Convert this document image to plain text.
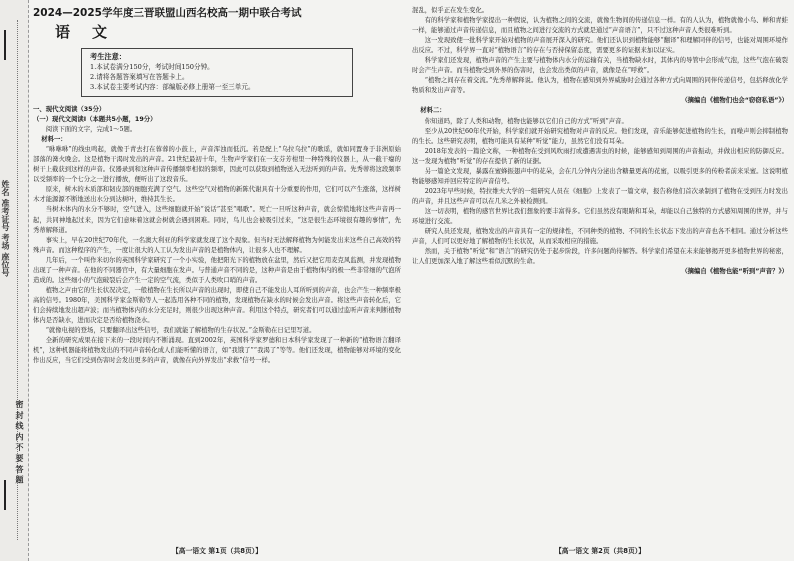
姓名 准考证号 考场 座位号
密 封 线 内 不 要 答 题

2024—2025学年度三晋联盟山西名校高一期中联合考试

语文

考生注意：

1.本试卷满分150分，考试时间150分钟。

2.请将各题答案填写在答题卡上。

3.本试卷主要考试内容：部编版必修上册第一至三单元。

一、现代文阅读（35分）

（一）现代文阅读Ⅰ（本题共5小题，19分）

阅读下面的文字，完成1～5题。

材料一：

“咻咻咻”的线虫鸣起，就像于青去打在蓉蓉的小鼓上，声音浑浊而低沉。若是配上“乌拉乌拉”的歌谣，就如同置身于非洲原始部落的篝火晚会。这是植物干渴时发出的声音。21世纪最初十年，生物声学家们在一支芬芳柑里一种特殊的仪器上，从一截干瘪的树干上截获到这样的声音。仪器录到和这种声音传播频率相似的频率，因此可以获取到植物送入无法听到的声音。先秀蒂将这段频率以受频率的一个七分之一进行播放，便听出了这段音乐。

原来，树木的木质部和韧皮部的细胞充满了空气。这些空气对植物的新陈代谢具有十分重要的作用，它们可以产生涨落，这样树木才能源源不断地送出水分到达树叶，维持其生长。

当树木体内的水分不够时，空气进入，这些细胞就开始“说话”甚至“唱歌”。死亡一旦听这种声音，就会惊慌地将这些声音再一起，共同神地起过来，因为它们意味着这就会树就会遇到困难。同时，鸟儿也会被吸引过来，“这是很生态环境很有趣的事情”，先秀蒂解释道。

事实上，早在20世纪70年代，一名澳大利亚的科学家就发现了这个现象。但当时无法解释植物为何能发出来这些自己高效的特殊声音。而这种程序的产生，一度让很大的人工认为发出声音的是植物体内，让很多人也不理解。

几年后，一个叫作米切尔的英国科学家研究了一个小实验，他把阳光下的植物放在盆里，然后又把它用麦克风监测，并发现植物出现了一种声音。在他的不同器官中，有大量细胞在发声。与普通声音不同的是，这种声音是由于植物体内的极一些非常细的气泡所造成的。这些细小的气泡破裂后会产生一定的空气流，类似于人类吹口哨的声音。

植物之声由它的生长状况决定，一般植物在生长所以声音的出现时，即使自己不能发出人耳所听到的声音，也会产生一种频率极高的信号。1980年，美国科学家金斯勒等人一起选用各种不同的植物，发现植物在缺水的时候会发出声音。将这些声音转化后，它们会持续地发出超声波；而当植物体内的水分充足时，则很少出现这种声音。利用这个特点，研究者们可以通过监听声音来判断植物体内是否缺水，进而决定是否给植物浇水。

“就像电视的登场，只要翻译出这些信号，我们就能了解植物的生存状况。”金斯勒在日记里写道。

全新的研究成果在接下来的一段时间内不断涌现。直到2002年，英国科学家罗德和日本科学家发现了一种新的“植物语言翻译机”，这种机器能将植物发出的不同声音转化成人们能听懂的语言，如“我饿了”“我渴了”等等。他们还发现，植物能够对环境的变化作出反应，当它们受到伤害时会发出更多的声音，就像在向外界发出“求救”信号一样。

混乱，似乎正在发生变化。

有的科学家和植物学家提出一种假说，认为植物之间的交流，就像生物间的传递信息一样。有的人认为，植物就像小鸟、蝉和青蛙一样，能够通过声音传递信息，而且植物之间进行交流的方式就是通过“声音语言”，只不过这种声音人类很难听到。

这一发现致使一批科学家开始对植物的声音展开深入的研究。他们还认识到植物能够“翻译”和理解同伴的信号，也能对周围环境作出反应。不过，科学界一直对“植物语言”的存在与否持保留态度，需要更多的证据来加以证实。

科学家们还发现，植物声音的产生主要与植物体内水分的运输有关，当植物缺水时，其体内的导管中会形成气泡，这些气泡在破裂时会产生声音。而当植物受到外界的伤害时，也会发出类似的声音，就像是在“呼救”。

“植物之间存在着交流。”先秀蒂解释说。他认为，植物在感知到外界威胁时会通过各种方式向周围的同伴传递信号，包括释放化学物质和发出声音等。

（摘编自《植物们也会“窃窃私语”》）

材料二：

你知道吗，除了人类和动物，植物也能够以它们自己的方式“听到”声音。

至少从20世纪60年代开始，科学家们就开始研究植物对声音的反应。他们发现，音乐能够促进植物的生长，而噪声则会抑制植物的生长。这些研究表明，植物可能具有某种“听觉”能力，虽然它们没有耳朵。

2018年发表的一篇论文称，一种植物在受到风吹雨打或遭遇害虫的时候，能够感知到周围的声音振动，并做出相应的防御反应。这一发现为植物“听觉”的存在提供了新的证据。

另一篇论文发现，暴露在蜜蜂振翅声中的花朵，会在几分钟内分泌出含糖量更高的花蜜，以吸引更多的传粉者前来采蜜。这说明植物能够感知并回应特定的声音信号。

2023年早些时候，特拉维夫大学的一组研究人员在《细胞》上发表了一篇文章，报告称他们首次录制到了植物在受到压力时发出的声音，并且这些声音可以在几米之外被检测到。

这一切表明，植物的感官世界比我们想象的要丰富得多。它们虽然没有眼睛和耳朵，却能以自己独特的方式感知周围的世界，并与环境进行交流。

研究人员还发现，植物发出的声音具有一定的规律性，不同种类的植物、不同的生长状态下发出的声音也各不相同。通过分析这些声音，人们可以更好地了解植物的生长状况，从而采取相应的措施。

然而，关于植物“听觉”和“语言”的研究仍处于起步阶段，许多问题尚待解答。科学家们希望在未来能够揭开更多植物世界的秘密，让人们更加深入地了解这些看似沉默的生命。

（摘编自《植物也能“听到”声音？》）

【高一语文 第1页（共8页）】	【高一语文 第2页（共8页）】
